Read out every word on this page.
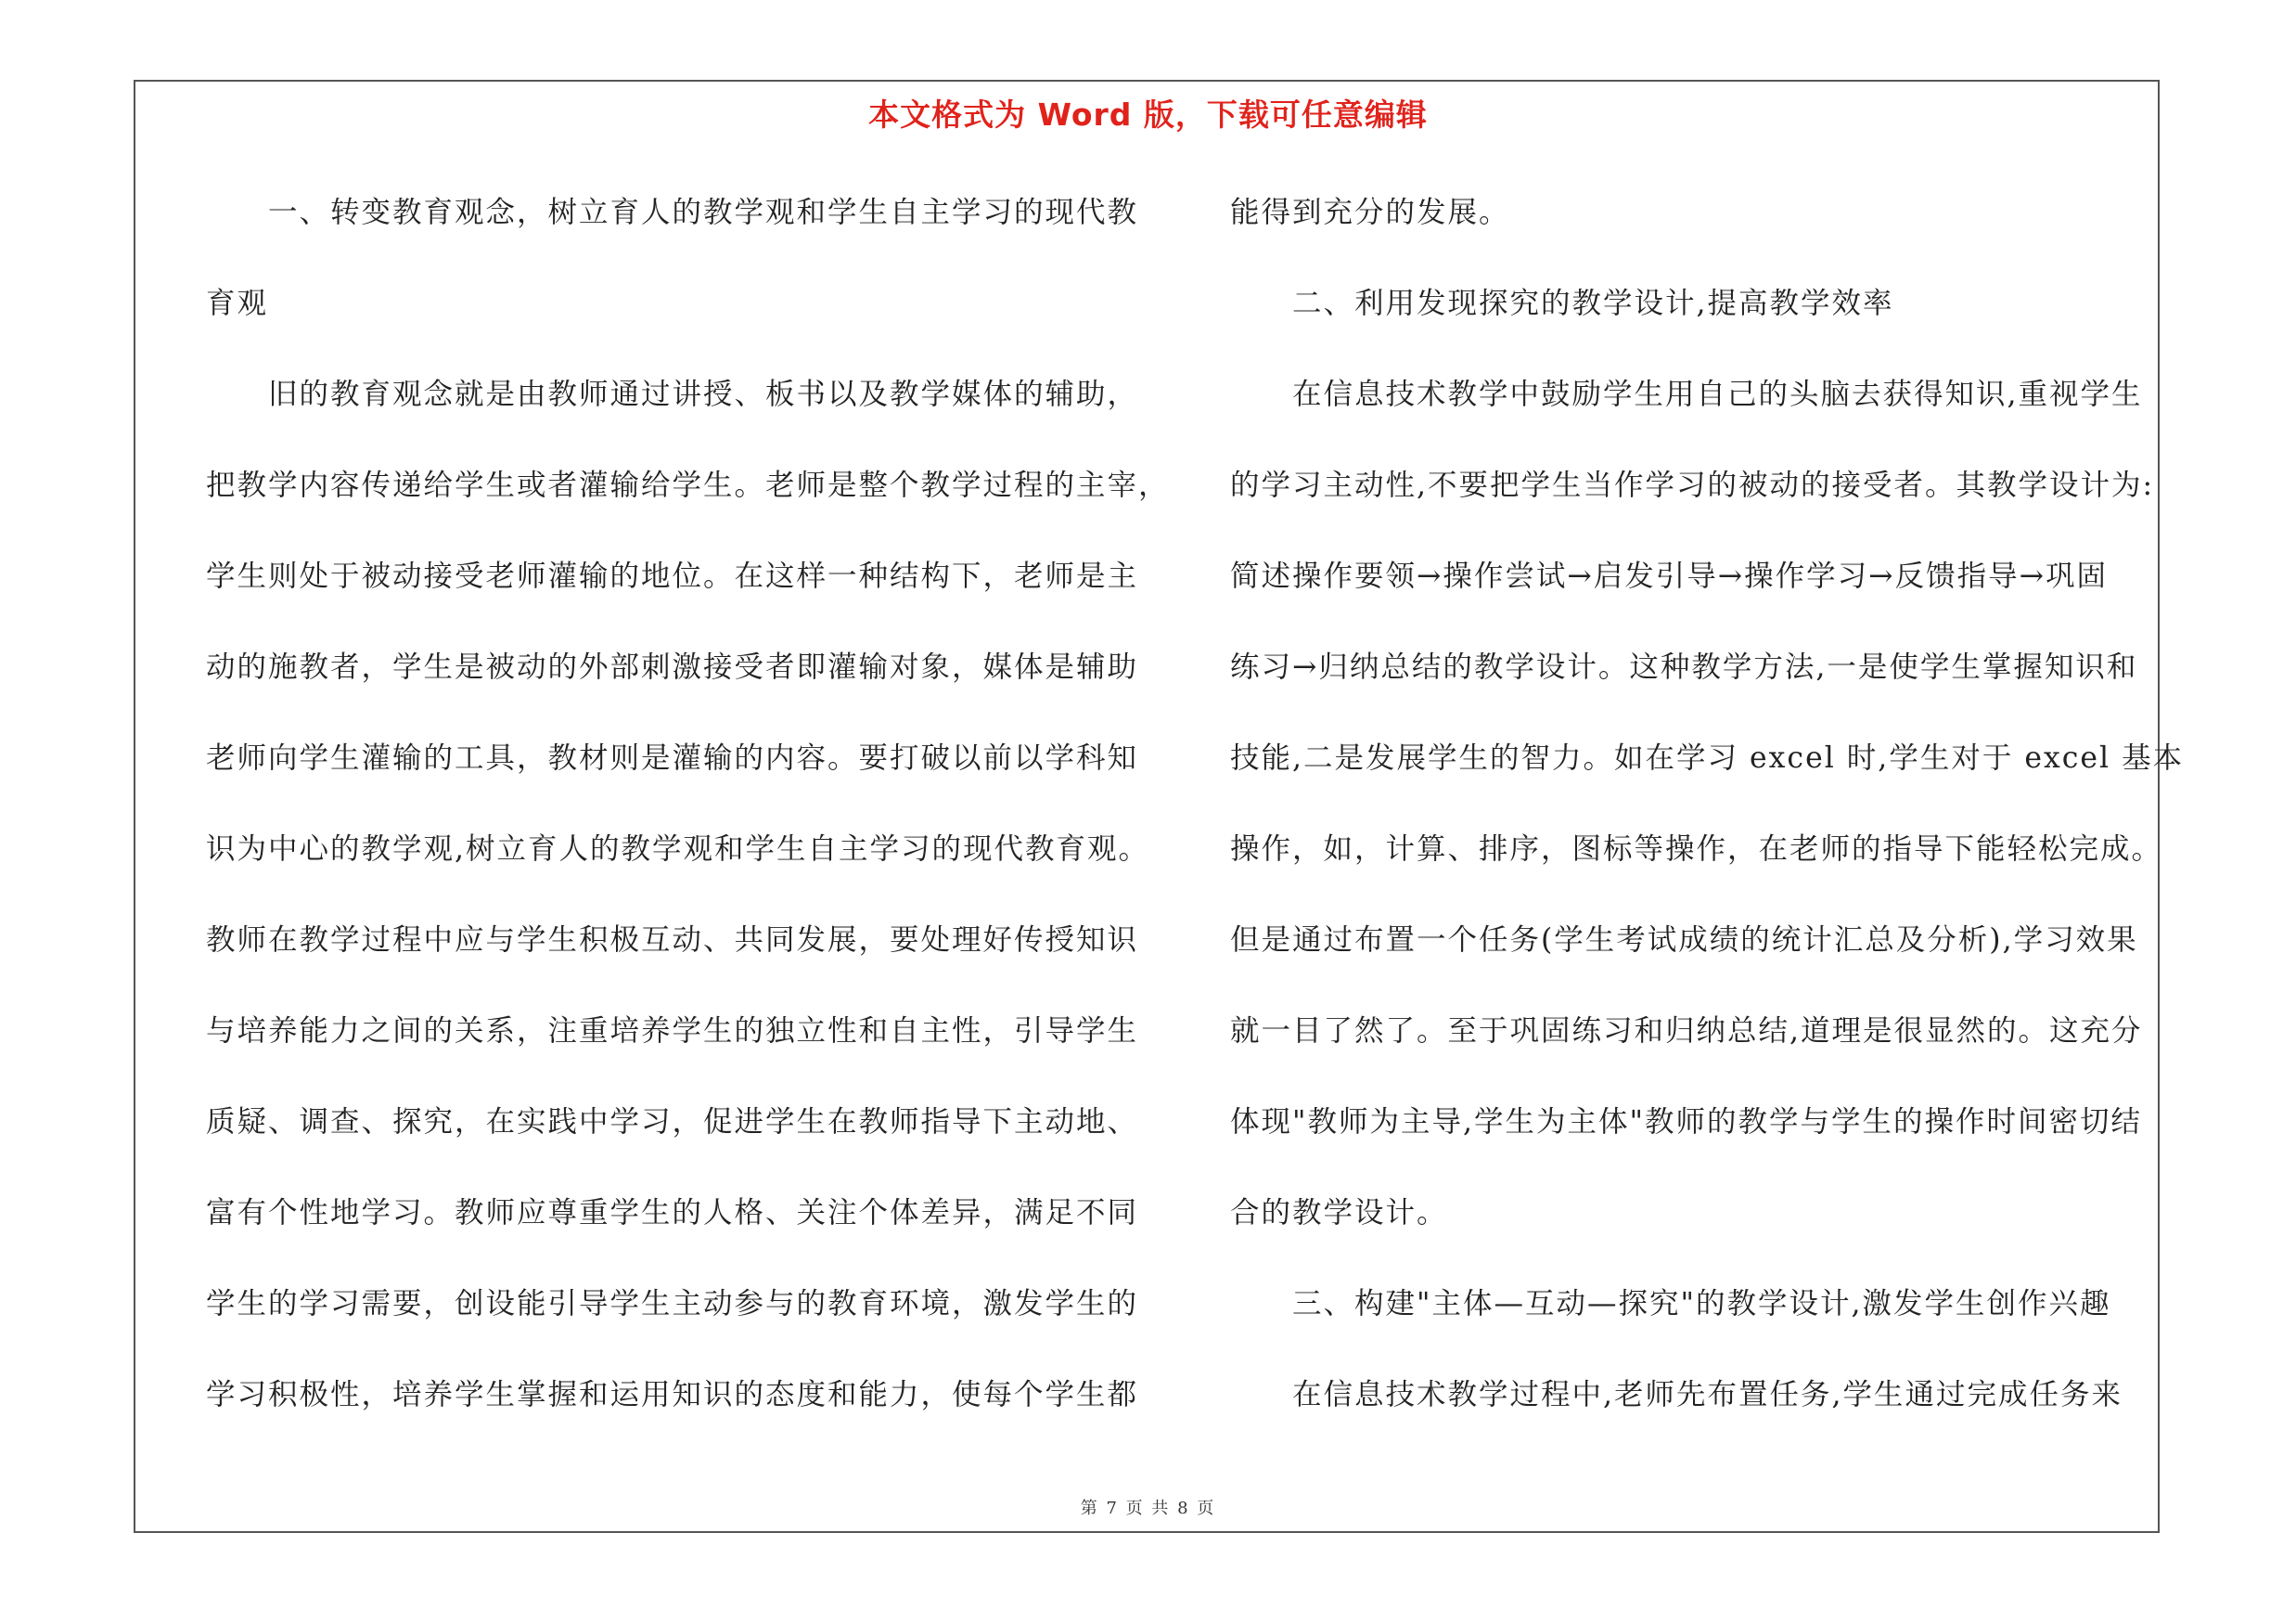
本文格式为 Word 版，下载可任意编辑
　　一、转变教育观念，树立育人的教学观和学生自主学习的现代教
育观
　　旧的教育观念就是由教师通过讲授、板书以及教学媒体的辅助，
把教学内容传递给学生或者灌输给学生。老师是整个教学过程的主宰，
学生则处于被动接受老师灌输的地位。在这样一种结构下，老师是主
动的施教者，学生是被动的外部刺激接受者即灌输对象，媒体是辅助
老师向学生灌输的工具，教材则是灌输的内容。要打破以前以学科知
识为中心的教学观,树立育人的教学观和学生自主学习的现代教育观。
教师在教学过程中应与学生积极互动、共同发展，要处理好传授知识
与培养能力之间的关系，注重培养学生的独立性和自主性，引导学生
质疑、调查、探究，在实践中学习，促进学生在教师指导下主动地、
富有个性地学习。教师应尊重学生的人格、关注个体差异，满足不同
学生的学习需要，创设能引导学生主动参与的教育环境，激发学生的
学习积极性，培养学生掌握和运用知识的态度和能力，使每个学生都
能得到充分的发展。
　　二、利用发现探究的教学设计,提高教学效率
　　在信息技术教学中鼓励学生用自己的头脑去获得知识,重视学生
的学习主动性,不要把学生当作学习的被动的接受者。其教学设计为:
简述操作要领→操作尝试→启发引导→操作学习→反馈指导→巩固
练习→归纳总结的教学设计。这种教学方法,一是使学生掌握知识和
技能,二是发展学生的智力。如在学习 excel 时,学生对于 excel 基本
操作，如，计算、排序，图标等操作，在老师的指导下能轻松完成。
但是通过布置一个任务(学生考试成绩的统计汇总及分析),学习效果
就一目了然了。至于巩固练习和归纳总结,道理是很显然的。这充分
体现"教师为主导,学生为主体"教师的教学与学生的操作时间密切结
合的教学设计。
　　三、构建"主体—互动—探究"的教学设计,激发学生创作兴趣
　　在信息技术教学过程中,老师先布置任务,学生通过完成任务来
第 7 页 共 8 页
